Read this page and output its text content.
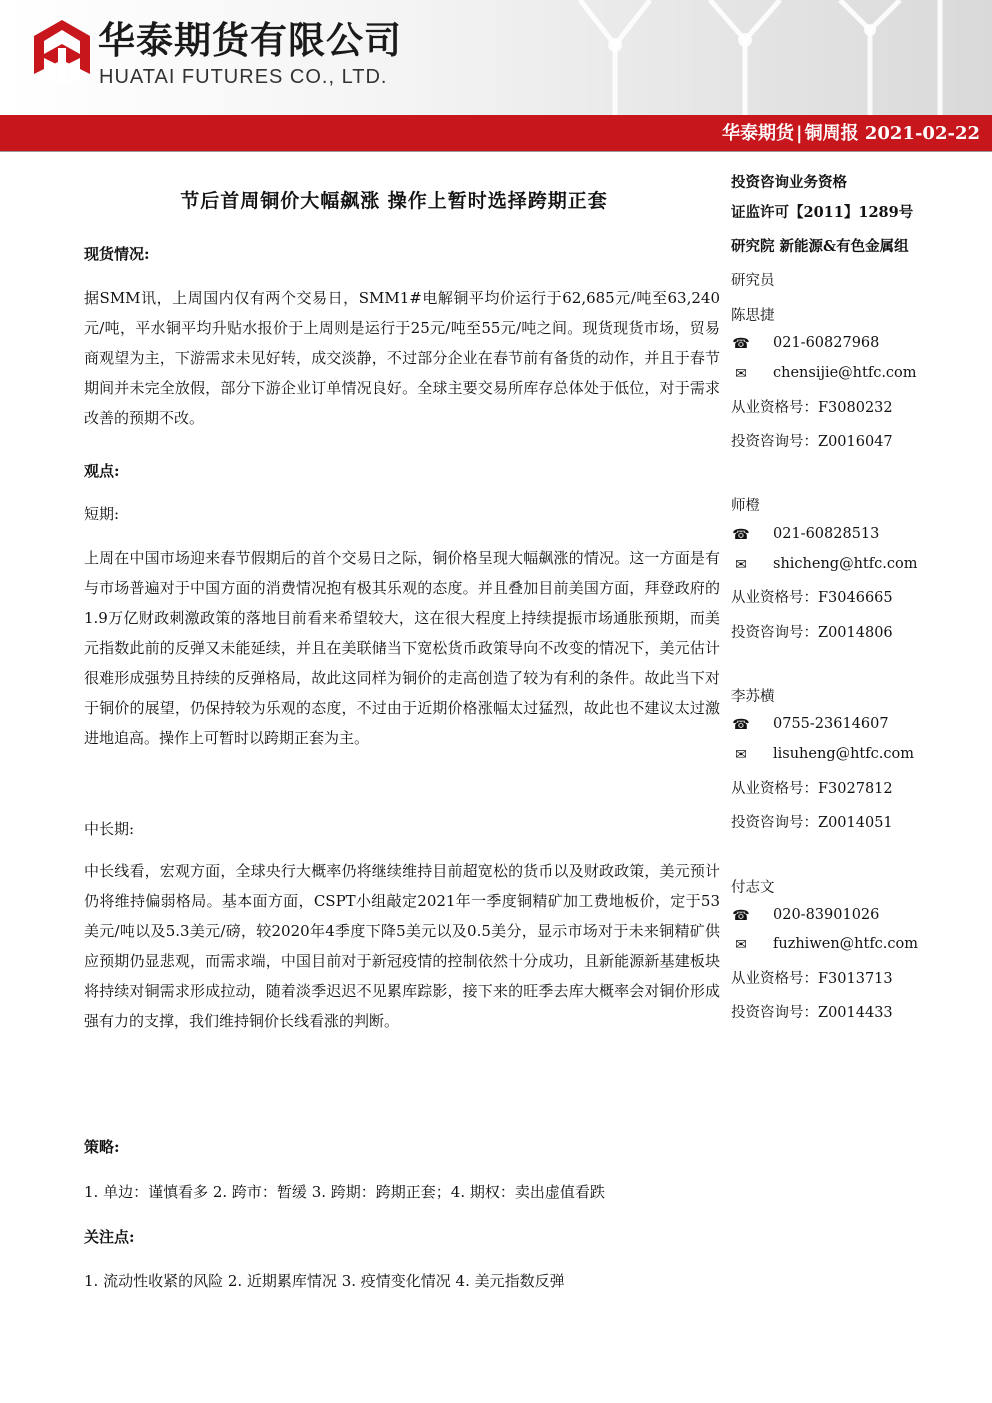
华泰期货有限公司
HUATAI FUTURES CO., LTD.
华泰期货 | 铜周报 2021-02-22
节后首周铜价大幅飙涨 操作上暂时选择跨期正套
现货情况:
据SMM讯，上周国内仅有两个交易日，SMM1#电解铜平均价运行于62,685元/吨至63,240元/吨，平水铜平均升贴水报价于上周则是运行于25元/吨至55元/吨之间。现货现货市场，贸易商观望为主，下游需求未见好转，成交淡静，不过部分企业在春节前有备货的动作，并且于春节期间并未完全放假，部分下游企业订单情况良好。全球主要交易所库存总体处于低位，对于需求改善的预期不改。
观点:
短期:
上周在中国市场迎来春节假期后的首个交易日之际，铜价格呈现大幅飙涨的情况。这一方面是有与市场普遍对于中国方面的消费情况抱有极其乐观的态度。并且叠加目前美国方面，拜登政府的1.9万亿财政刺激政策的落地目前看来希望较大，这在很大程度上持续提振市场通胀预期，而美元指数此前的反弹又未能延续，并且在美联储当下宽松货币政策导向不改变的情况下，美元估计很难形成强势且持续的反弹格局，故此这同样为铜价的走高创造了较为有利的条件。故此当下对于铜价的展望，仍保持较为乐观的态度，不过由于近期价格涨幅太过猛烈，故此也不建议太过激进地追高。操作上可暂时以跨期正套为主。
中长期:
中长线看，宏观方面，全球央行大概率仍将继续维持目前超宽松的货币以及财政政策，美元预计仍将维持偏弱格局。基本面方面，CSPT小组敲定2021年一季度铜精矿加工费地板价，定于53美元/吨以及5.3美元/磅，较2020年4季度下降5美元以及0.5美分，显示市场对于未来铜精矿供应预期仍显悲观，而需求端，中国目前对于新冠疫情的控制依然十分成功，且新能源新基建板块将持续对铜需求形成拉动，随着淡季迟迟不见累库踪影，接下来的旺季去库大概率会对铜价形成强有力的支撑，我们维持铜价长线看涨的判断。
策略:
1. 单边：谨慎看多 2. 跨市：暂缓 3. 跨期：跨期正套；4. 期权：卖出虚值看跌
关注点:
1. 流动性收紧的风险 2. 近期累库情况 3. 疫情变化情况 4. 美元指数反弹
投资咨询业务资格
证监许可【2011】1289号
研究院 新能源&有色金属组
研究员
陈思捷
☎ 021-60827968
✉ chensijie@htfc.com
从业资格号：F3080232
投资咨询号：Z0016047
师橙
☎ 021-60828513
✉ shicheng@htfc.com
从业资格号：F3046665
投资咨询号：Z0014806
李苏横
☎ 0755-23614607
✉ lisuheng@htfc.com
从业资格号：F3027812
投资咨询号：Z0014051
付志文
☎ 020-83901026
✉ fuzhiwen@htfc.com
从业资格号：F3013713
投资咨询号：Z0014433
